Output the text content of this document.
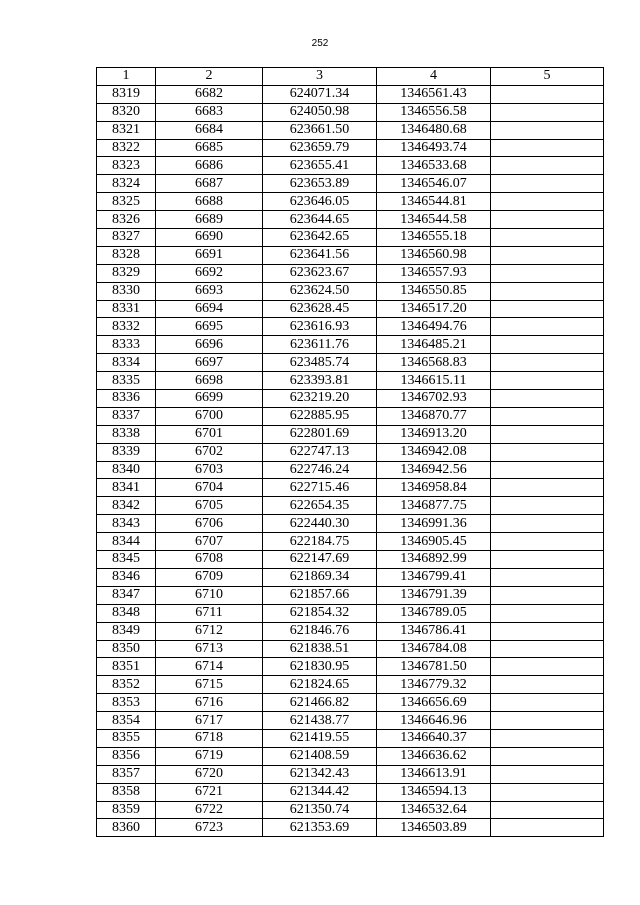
252
1	2	3	4	5
8319	6682	624071.34	1346561.43	
8320	6683	624050.98	1346556.58	
8321	6684	623661.50	1346480.68	
8322	6685	623659.79	1346493.74	
8323	6686	623655.41	1346533.68	
8324	6687	623653.89	1346546.07	
8325	6688	623646.05	1346544.81	
8326	6689	623644.65	1346544.58	
8327	6690	623642.65	1346555.18	
8328	6691	623641.56	1346560.98	
8329	6692	623623.67	1346557.93	
8330	6693	623624.50	1346550.85	
8331	6694	623628.45	1346517.20	
8332	6695	623616.93	1346494.76	
8333	6696	623611.76	1346485.21	
8334	6697	623485.74	1346568.83	
8335	6698	623393.81	1346615.11	
8336	6699	623219.20	1346702.93	
8337	6700	622885.95	1346870.77	
8338	6701	622801.69	1346913.20	
8339	6702	622747.13	1346942.08	
8340	6703	622746.24	1346942.56	
8341	6704	622715.46	1346958.84	
8342	6705	622654.35	1346877.75	
8343	6706	622440.30	1346991.36	
8344	6707	622184.75	1346905.45	
8345	6708	622147.69	1346892.99	
8346	6709	621869.34	1346799.41	
8347	6710	621857.66	1346791.39	
8348	6711	621854.32	1346789.05	
8349	6712	621846.76	1346786.41	
8350	6713	621838.51	1346784.08	
8351	6714	621830.95	1346781.50	
8352	6715	621824.65	1346779.32	
8353	6716	621466.82	1346656.69	
8354	6717	621438.77	1346646.96	
8355	6718	621419.55	1346640.37	
8356	6719	621408.59	1346636.62	
8357	6720	621342.43	1346613.91	
8358	6721	621344.42	1346594.13	
8359	6722	621350.74	1346532.64	
8360	6723	621353.69	1346503.89	
